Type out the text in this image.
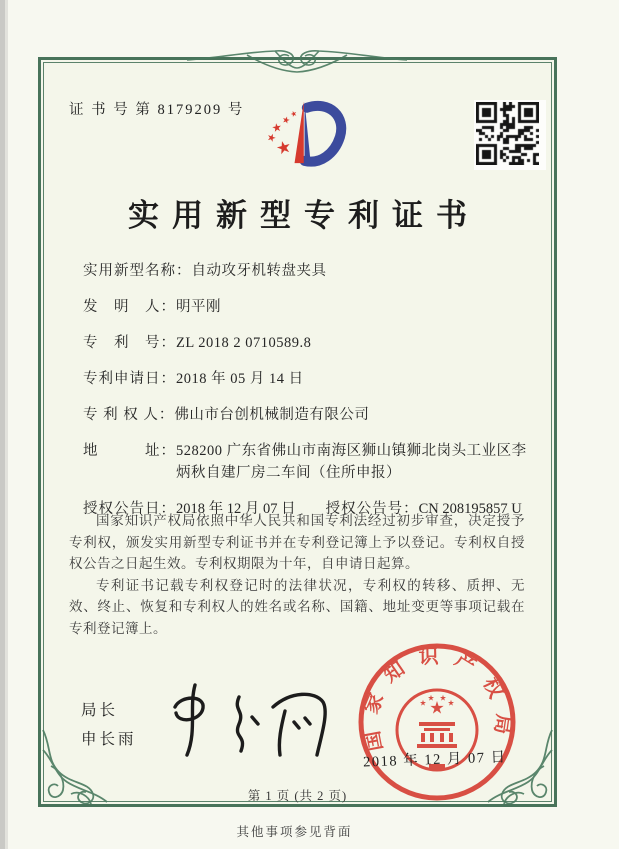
证 书 号 第 8179209 号
实用新型专利证书
实用新型名称： 自动攻牙机转盘夹具
发　明　人： 明平刚
专　利　号： ZL 2018 2 0710589.8
专利申请日： 2018 年 05 月 14 日
专 利 权 人： 佛山市台创机械制造有限公司
地　　　址： 528200 广东省佛山市南海区狮山镇狮北岗头工业区李炳秋自建厂房二车间（住所申报）
授权公告日： 2018 年 12 月 07 日 授权公告号： CN 208195857 U

国家知识产权局依照中华人民共和国专利法经过初步审查，决定授予专利权，颁发实用新型专利证书并在专利登记簿上予以登记。专利权自授权公告之日起生效。专利权期限为十年，自申请日起算。

专利证书记载专利权登记时的法律状况，专利权的转移、质押、无效、终止、恢复和专利权人的姓名或名称、国籍、地址变更等事项记载在专利登记簿上。

局长
申长雨	国家知识产权局
2018 年 12 月 07 日
第 1 页 (共 2 页)
其他事项参见背面
